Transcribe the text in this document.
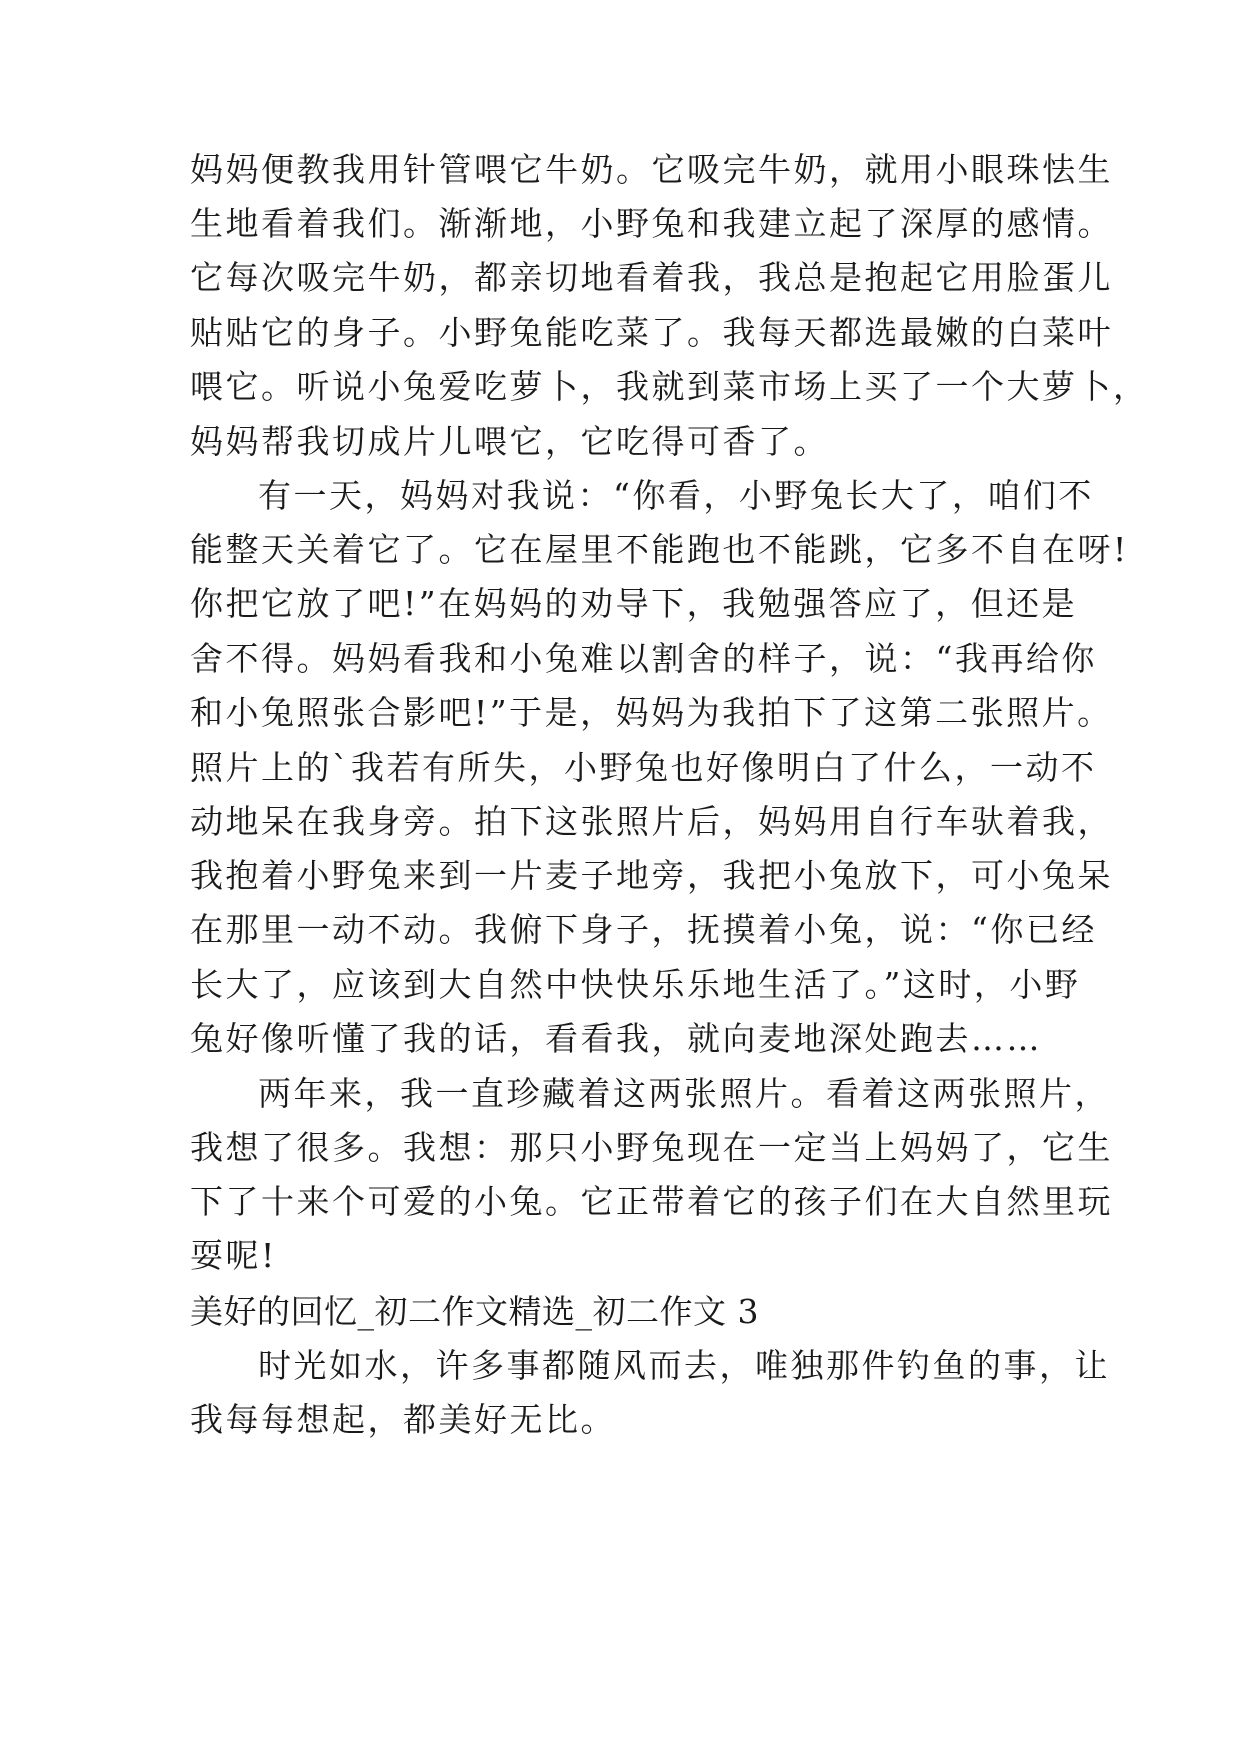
妈妈便教我用针管喂它牛奶。它吸完牛奶，就用小眼珠怯生
生地看着我们。渐渐地，小野兔和我建立起了深厚的感情。
它每次吸完牛奶，都亲切地看着我，我总是抱起它用脸蛋儿
贴贴它的身子。小野兔能吃菜了。我每天都选最嫩的白菜叶
喂它。听说小兔爱吃萝卜，我就到菜市场上买了一个大萝卜，
妈妈帮我切成片儿喂它，它吃得可香了。
有一天，妈妈对我说：“你看，小野兔长大了，咱们不
能整天关着它了。它在屋里不能跑也不能跳，它多不自在呀!
你把它放了吧!”在妈妈的劝导下，我勉强答应了，但还是
舍不得。妈妈看我和小兔难以割舍的样子，说：“我再给你
和小兔照张合影吧!”于是，妈妈为我拍下了这第二张照片。
照片上的`我若有所失，小野兔也好像明白了什么，一动不
动地呆在我身旁。拍下这张照片后，妈妈用自行车驮着我，
我抱着小野兔来到一片麦子地旁，我把小兔放下，可小兔呆
在那里一动不动。我俯下身子，抚摸着小兔，说：“你已经
长大了，应该到大自然中快快乐乐地生活了。”这时，小野
兔好像听懂了我的话，看看我，就向麦地深处跑去……
两年来，我一直珍藏着这两张照片。看着这两张照片，
我想了很多。我想：那只小野兔现在一定当上妈妈了，它生
下了十来个可爱的小兔。它正带着它的孩子们在大自然里玩
耍呢!
美好的回忆_初二作文精选_初二作文 3
时光如水，许多事都随风而去，唯独那件钓鱼的事，让
我每每想起，都美好无比。
